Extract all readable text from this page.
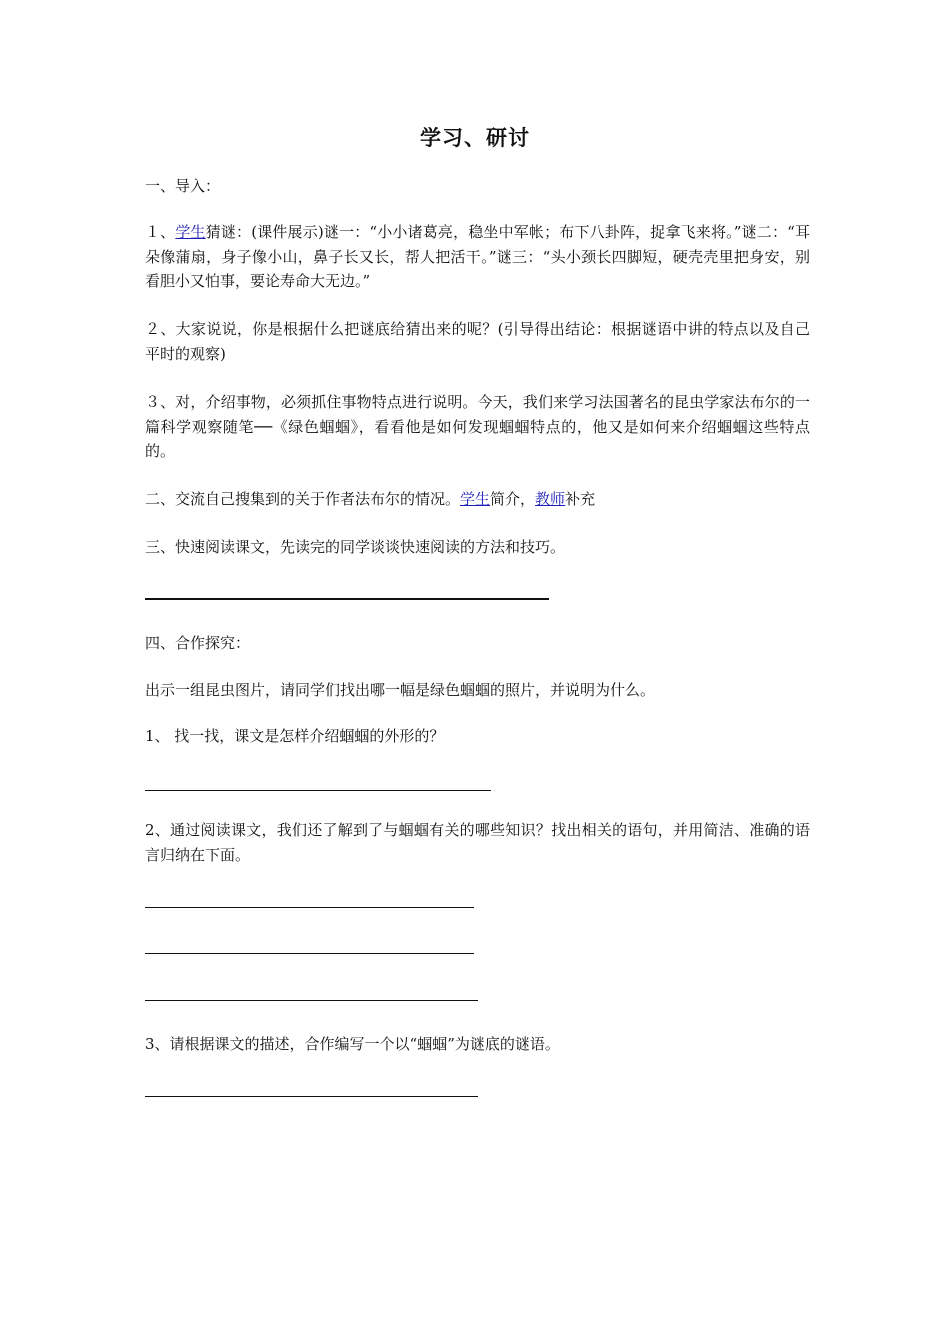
学习、研讨
一、导入：
１、学生猜谜：(课件展示)谜一：“小小诸葛亮，稳坐中军帐；布下八卦阵，捉拿飞来将。”谜二：“耳朵像蒲扇，身子像小山，鼻子长又长，帮人把活干。”谜三：“头小颈长四脚短，硬壳壳里把身安，别看胆小又怕事，要论寿命大无边。”
２、大家说说，你是根据什么把谜底给猜出来的呢？(引导得出结论：根据谜语中讲的特点以及自己平时的观察)
３、对，介绍事物，必须抓住事物特点进行说明。今天，我们来学习法国著名的昆虫学家法布尔的一篇科学观察随笔──《绿色蝈蝈》，看看他是如何发现蝈蝈特点的，他又是如何来介绍蝈蝈这些特点的。
二、交流自己搜集到的关于作者法布尔的情况。学生简介，教师补充
三、快速阅读课文，先读完的同学谈谈快速阅读的方法和技巧。
四、合作探究：
出示一组昆虫图片，请同学们找出哪一幅是绿色蝈蝈的照片，并说明为什么。
1、 找一找，课文是怎样介绍蝈蝈的外形的？
2、通过阅读课文，我们还了解到了与蝈蝈有关的哪些知识？找出相关的语句，并用简洁、准确的语言归纳在下面。
3、请根据课文的描述，合作编写一个以“蝈蝈”为谜底的谜语。
